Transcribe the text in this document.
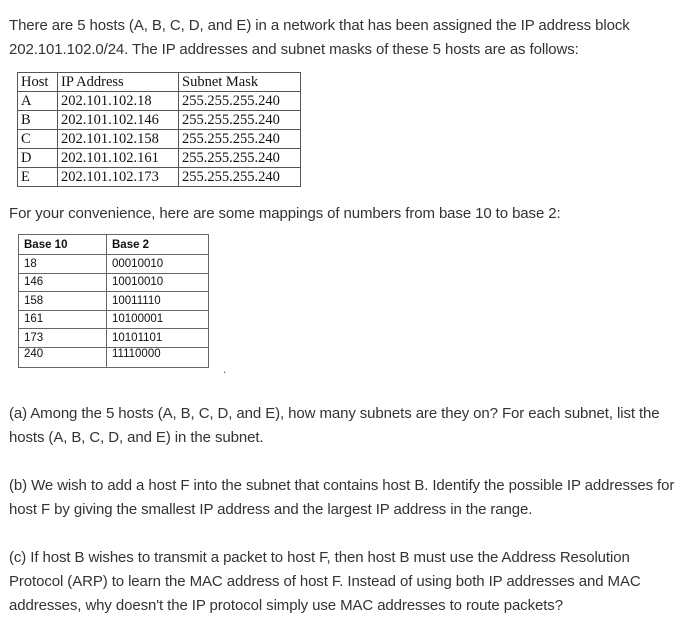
There are 5 hosts (A, B, C, D, and E) in a network that has been assigned the IP address block 202.101.102.0/24. The IP addresses and subnet masks of these 5 hosts are as follows:

Host	IP Address	Subnet Mask
A	202.101.102.18	255.255.255.240
B	202.101.102.146	255.255.255.240
C	202.101.102.158	255.255.255.240
D	202.101.102.161	255.255.255.240
E	202.101.102.173	255.255.255.240

For your convenience, here are some mappings of numbers from base 10 to base 2:

Base 10	Base 2
18	00010010
146	10010010
158	10011110
161	10100001
173	10101101
240	11110000
.

(a) Among the 5 hosts (A, B, C, D, and E), how many subnets are they on? For each subnet, list the hosts (A, B, C, D, and E) in the subnet.

(b) We wish to add a host F into the subnet that contains host B. Identify the possible IP addresses for host F by giving the smallest IP address and the largest IP address in the range.

(c) If host B wishes to transmit a packet to host F, then host B must use the Address Resolution Protocol (ARP) to learn the MAC address of host F. Instead of using both IP addresses and MAC addresses, why doesn't the IP protocol simply use MAC addresses to route packets?
